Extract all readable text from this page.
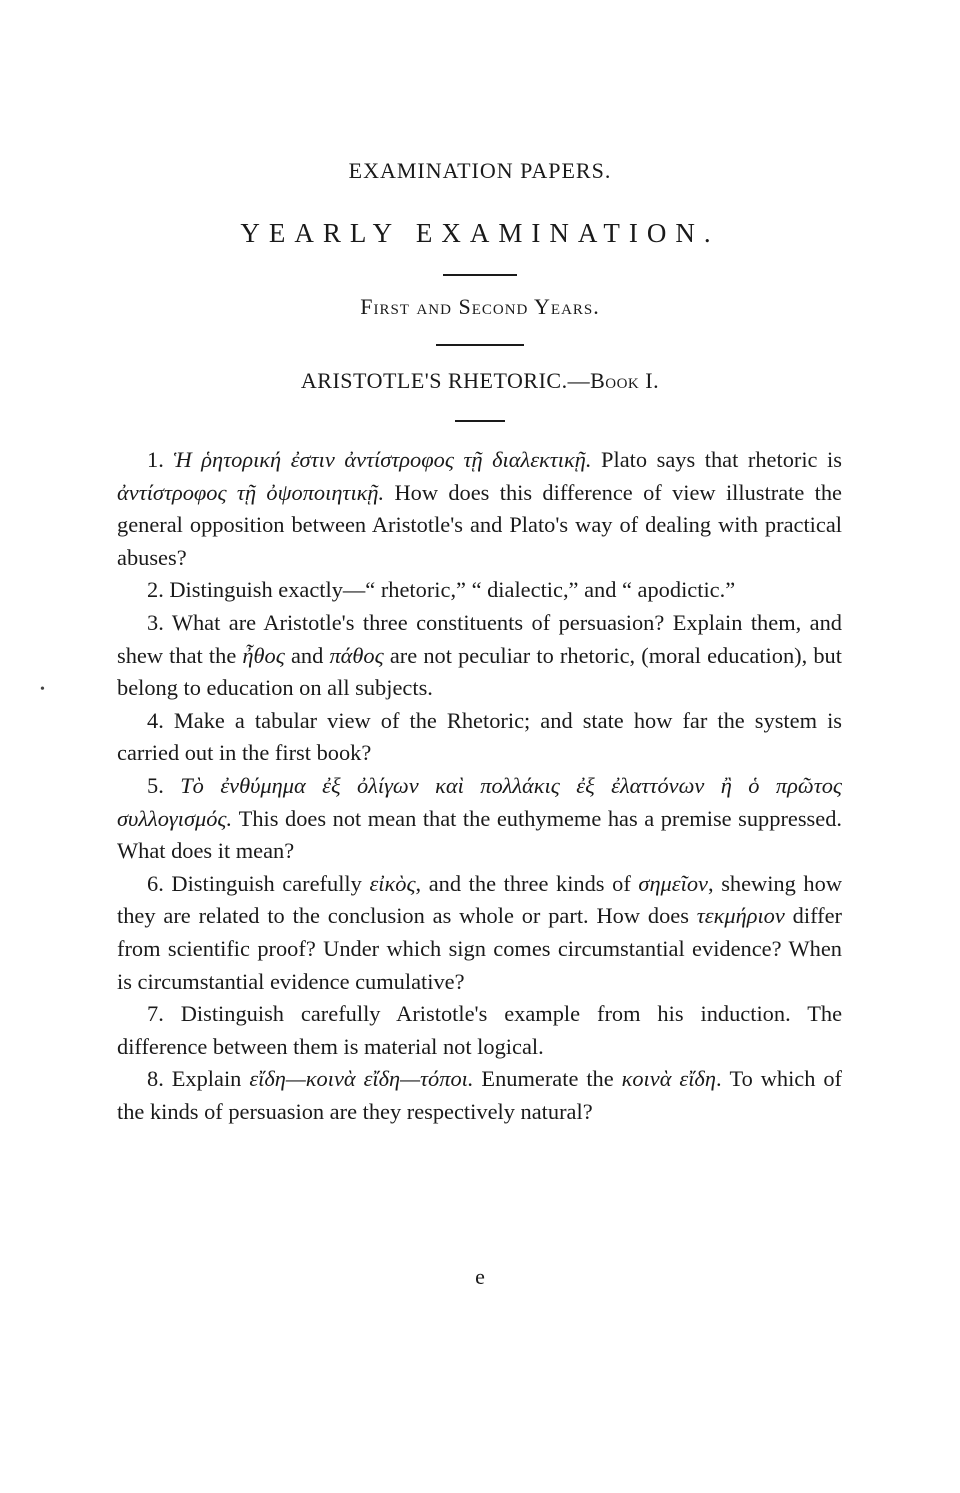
EXAMINATION PAPERS.
YEARLY EXAMINATION.
First and Second Years.
ARISTOTLE'S RHETORIC.—Book I.

1. Ἡ ῥητορική ἐστιν ἀντίστροφος τῇ διαλεκτικῇ. Plato says that rhetoric is ἀντίστροφος τῇ ὀψοποιητικῇ. How does this difference of view illustrate the general opposition between Aristotle's and Plato's way of dealing with practical abuses?

2. Distinguish exactly—“ rhetoric,” “ dialectic,” and “ apodictic.”

3. What are Aristotle's three constituents of persuasion? Explain them, and shew that the ἦθος and πάθος are not peculiar to rhetoric, (moral education), but belong to education on all subjects.

4. Make a tabular view of the Rhetoric; and state how far the system is carried out in the first book?

5. Τὸ ἐνθύμημα ἐξ ὀλίγων καὶ πολλάκις ἐξ ἐλαττόνων ἢ ὁ πρῶτος συλλογισμός. This does not mean that the euthymeme has a premise suppressed. What does it mean?

6. Distinguish carefully εἰκὸς, and the three kinds of σημεῖον, shewing how they are related to the conclusion as whole or part. How does τεκμήριον differ from scientific proof? Under which sign comes circumstantial evidence? When is circumstantial evidence cumulative?

7. Distinguish carefully Aristotle's example from his induction. The difference between them is material not logical.

8. Explain εἴδη—κοινὰ εἴδη—τόποι. Enumerate the κοινὰ εἴδη. To which of the kinds of persuasion are they respectively natural?

e
•
